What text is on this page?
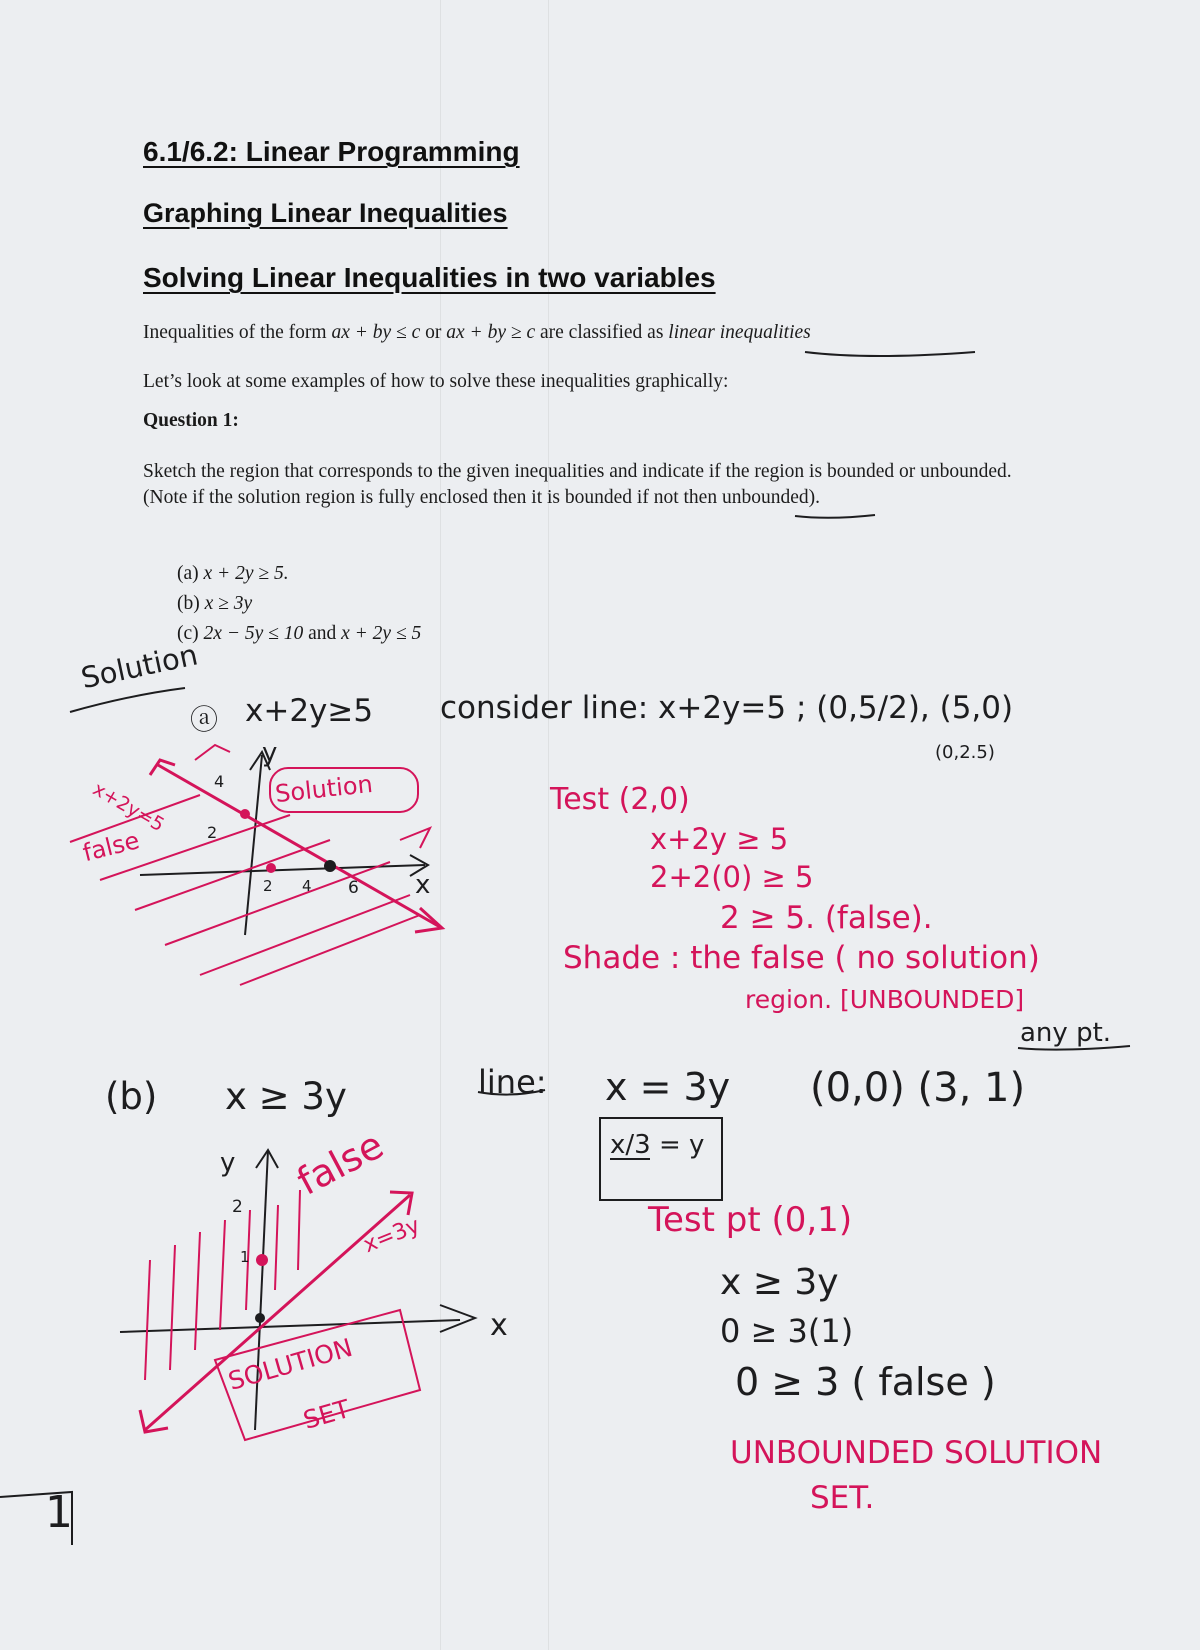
6.1/6.2: Linear Programming
Graphing Linear Inequalities
Solving Linear Inequalities in two variables
Inequalities of the form ax + by ≤ c or ax + by ≥ c are classified as linear inequalities
Let’s look at some examples of how to solve these inequalities graphically:
Question 1:
Sketch the region that corresponds to the given inequalities and indicate if the region is bounded or unbounded. (Note if the solution region is fully enclosed then it is bounded if not then unbounded).
(a) x + 2y ≥ 5.
(b) x ≥ 3y
(c) 2x − 5y ≤ 10 and x + 2y ≤ 5
Solution
ⓐ x+2y≥5 consider line: x+2y=5 ; (0,5/2), (5,0)
(0,2.5)
y
x
4
2
2 4 6
Solution
x+2y=5
false
Test (2,0)
x+2y ≥ 5
2+2(0) ≥ 5
2 ≥ 5. (false).
Shade : the false ( no solution)
region. [UNBOUNDED]
any pt.
(b) x ≥ 3y	line: x = 3y
x/3 = y
(0,0) (3, 1)
y
x
2
1
false
x=3y
SOLUTION
SET
Test pt (0,1)
x ≥ 3y
0 ≥ 3(1)
0 ≥ 3 ( false )
UNBOUNDED SOLUTION
SET.
1
